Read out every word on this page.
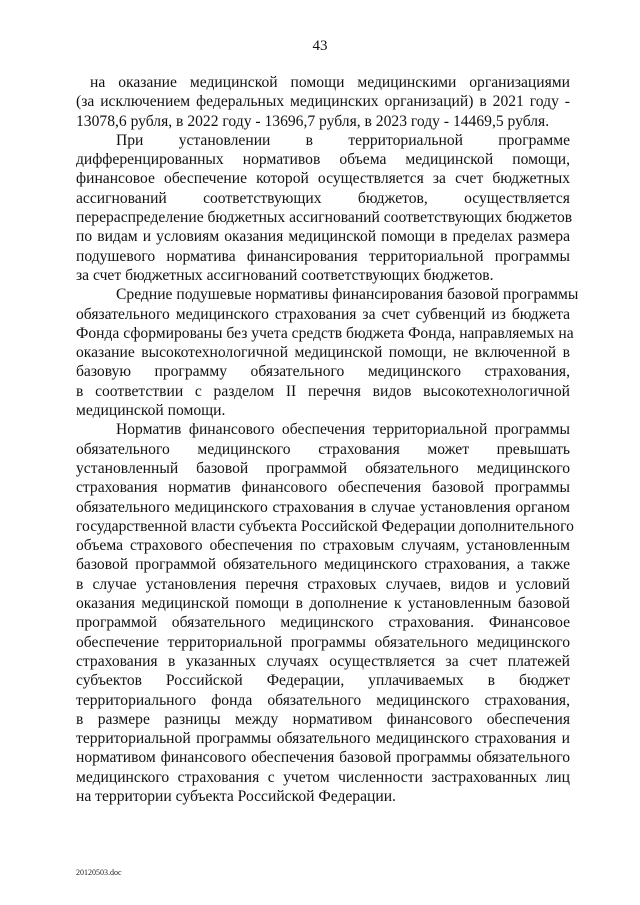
43

на оказание медицинской помощи медицинскими организациями
(за исключением федеральных медицинских организаций) в 2021 году -
13078,6 рубля, в 2022 году - 13696,7 рубля, в 2023 году - 14469,5 рубля.

При установлении в территориальной программе
дифференцированных нормативов объема медицинской помощи,
финансовое обеспечение которой осуществляется за счет бюджетных
ассигнований соответствующих бюджетов, осуществляется
перераспределение бюджетных ассигнований соответствующих бюджетов
по видам и условиям оказания медицинской помощи в пределах размера
подушевого норматива финансирования территориальной программы
за счет бюджетных ассигнований соответствующих бюджетов.

Средние подушевые нормативы финансирования базовой программы
обязательного медицинского страхования за счет субвенций из бюджета
Фонда сформированы без учета средств бюджета Фонда, направляемых на
оказание высокотехнологичной медицинской помощи, не включенной в
базовую программу обязательного медицинского страхования,
в соответствии с разделом II перечня видов высокотехнологичной
медицинской помощи.

Норматив финансового обеспечения территориальной программы
обязательного медицинского страхования может превышать
установленный базовой программой обязательного медицинского
страхования норматив финансового обеспечения базовой программы
обязательного медицинского страхования в случае установления органом
государственной власти субъекта Российской Федерации дополнительного
объема страхового обеспечения по страховым случаям, установленным
базовой программой обязательного медицинского страхования, а также
в случае установления перечня страховых случаев, видов и условий
оказания медицинской помощи в дополнение к установленным базовой
программой обязательного медицинского страхования. Финансовое
обеспечение территориальной программы обязательного медицинского
страхования в указанных случаях осуществляется за счет платежей
субъектов Российской Федерации, уплачиваемых в бюджет
территориального фонда обязательного медицинского страхования,
в размере разницы между нормативом финансового обеспечения
территориальной программы обязательного медицинского страхования и
нормативом финансового обеспечения базовой программы обязательного
медицинского страхования с учетом численности застрахованных лиц
на территории субъекта Российской Федерации.

20120503.doc
